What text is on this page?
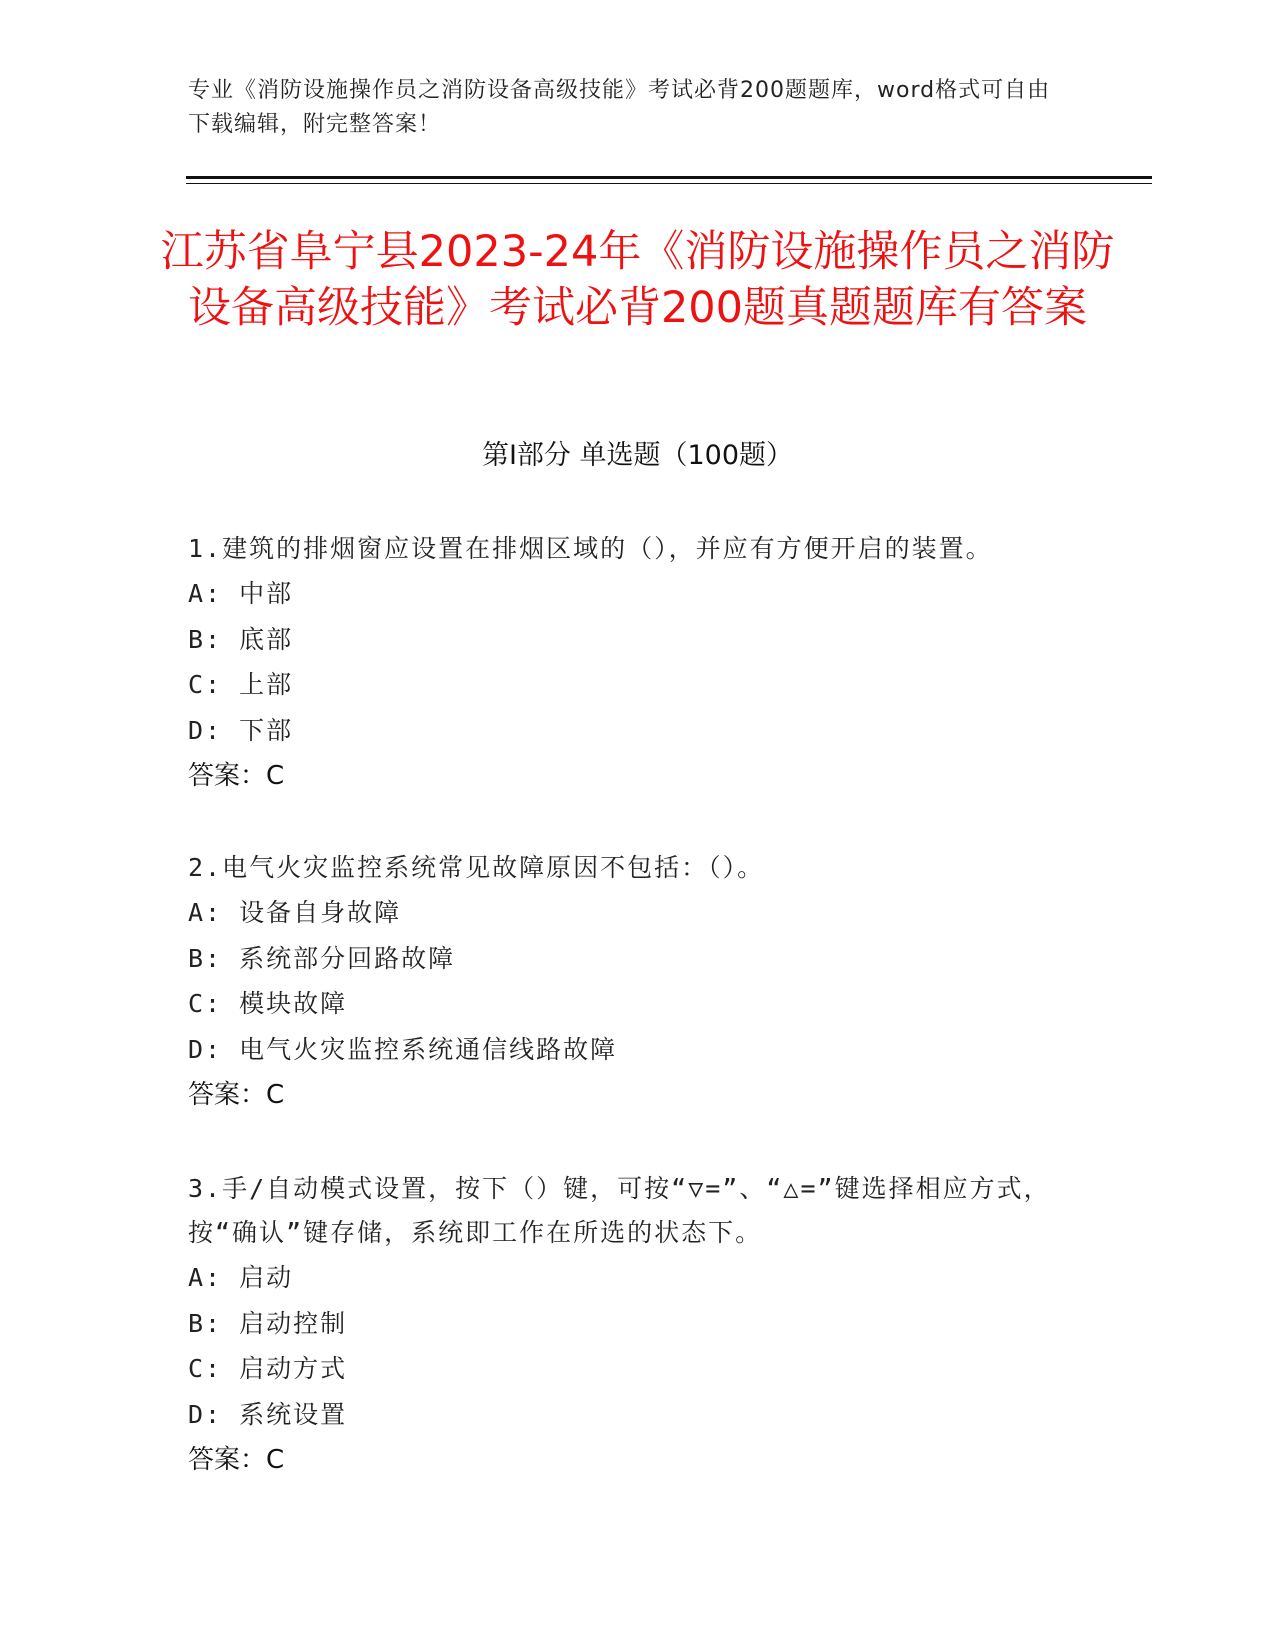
专业《消防设施操作员之消防设备高级技能》考试必背200题题库，word格式可自由下载编辑，附完整答案！
江苏省阜宁县2023-24年《消防设施操作员之消防设备高级技能》考试必背200题真题题库有答案
第I部分 单选题（100题）

1.建筑的排烟窗应设置在排烟区域的（），并应有方便开启的装置。

A: 中部

B: 底部

C: 上部

D: 下部

答案：C

2.电气火灾监控系统常见故障原因不包括：（）。

A: 设备自身故障

B: 系统部分回路故障

C: 模块故障

D: 电气火灾监控系统通信线路故障

答案：C

3.手/自动模式设置，按下（）键，可按“▽=”、“△=”键选择相应方式，按“确认”键存储，系统即工作在所选的状态下。

A: 启动

B: 启动控制

C: 启动方式

D: 系统设置

答案：C
